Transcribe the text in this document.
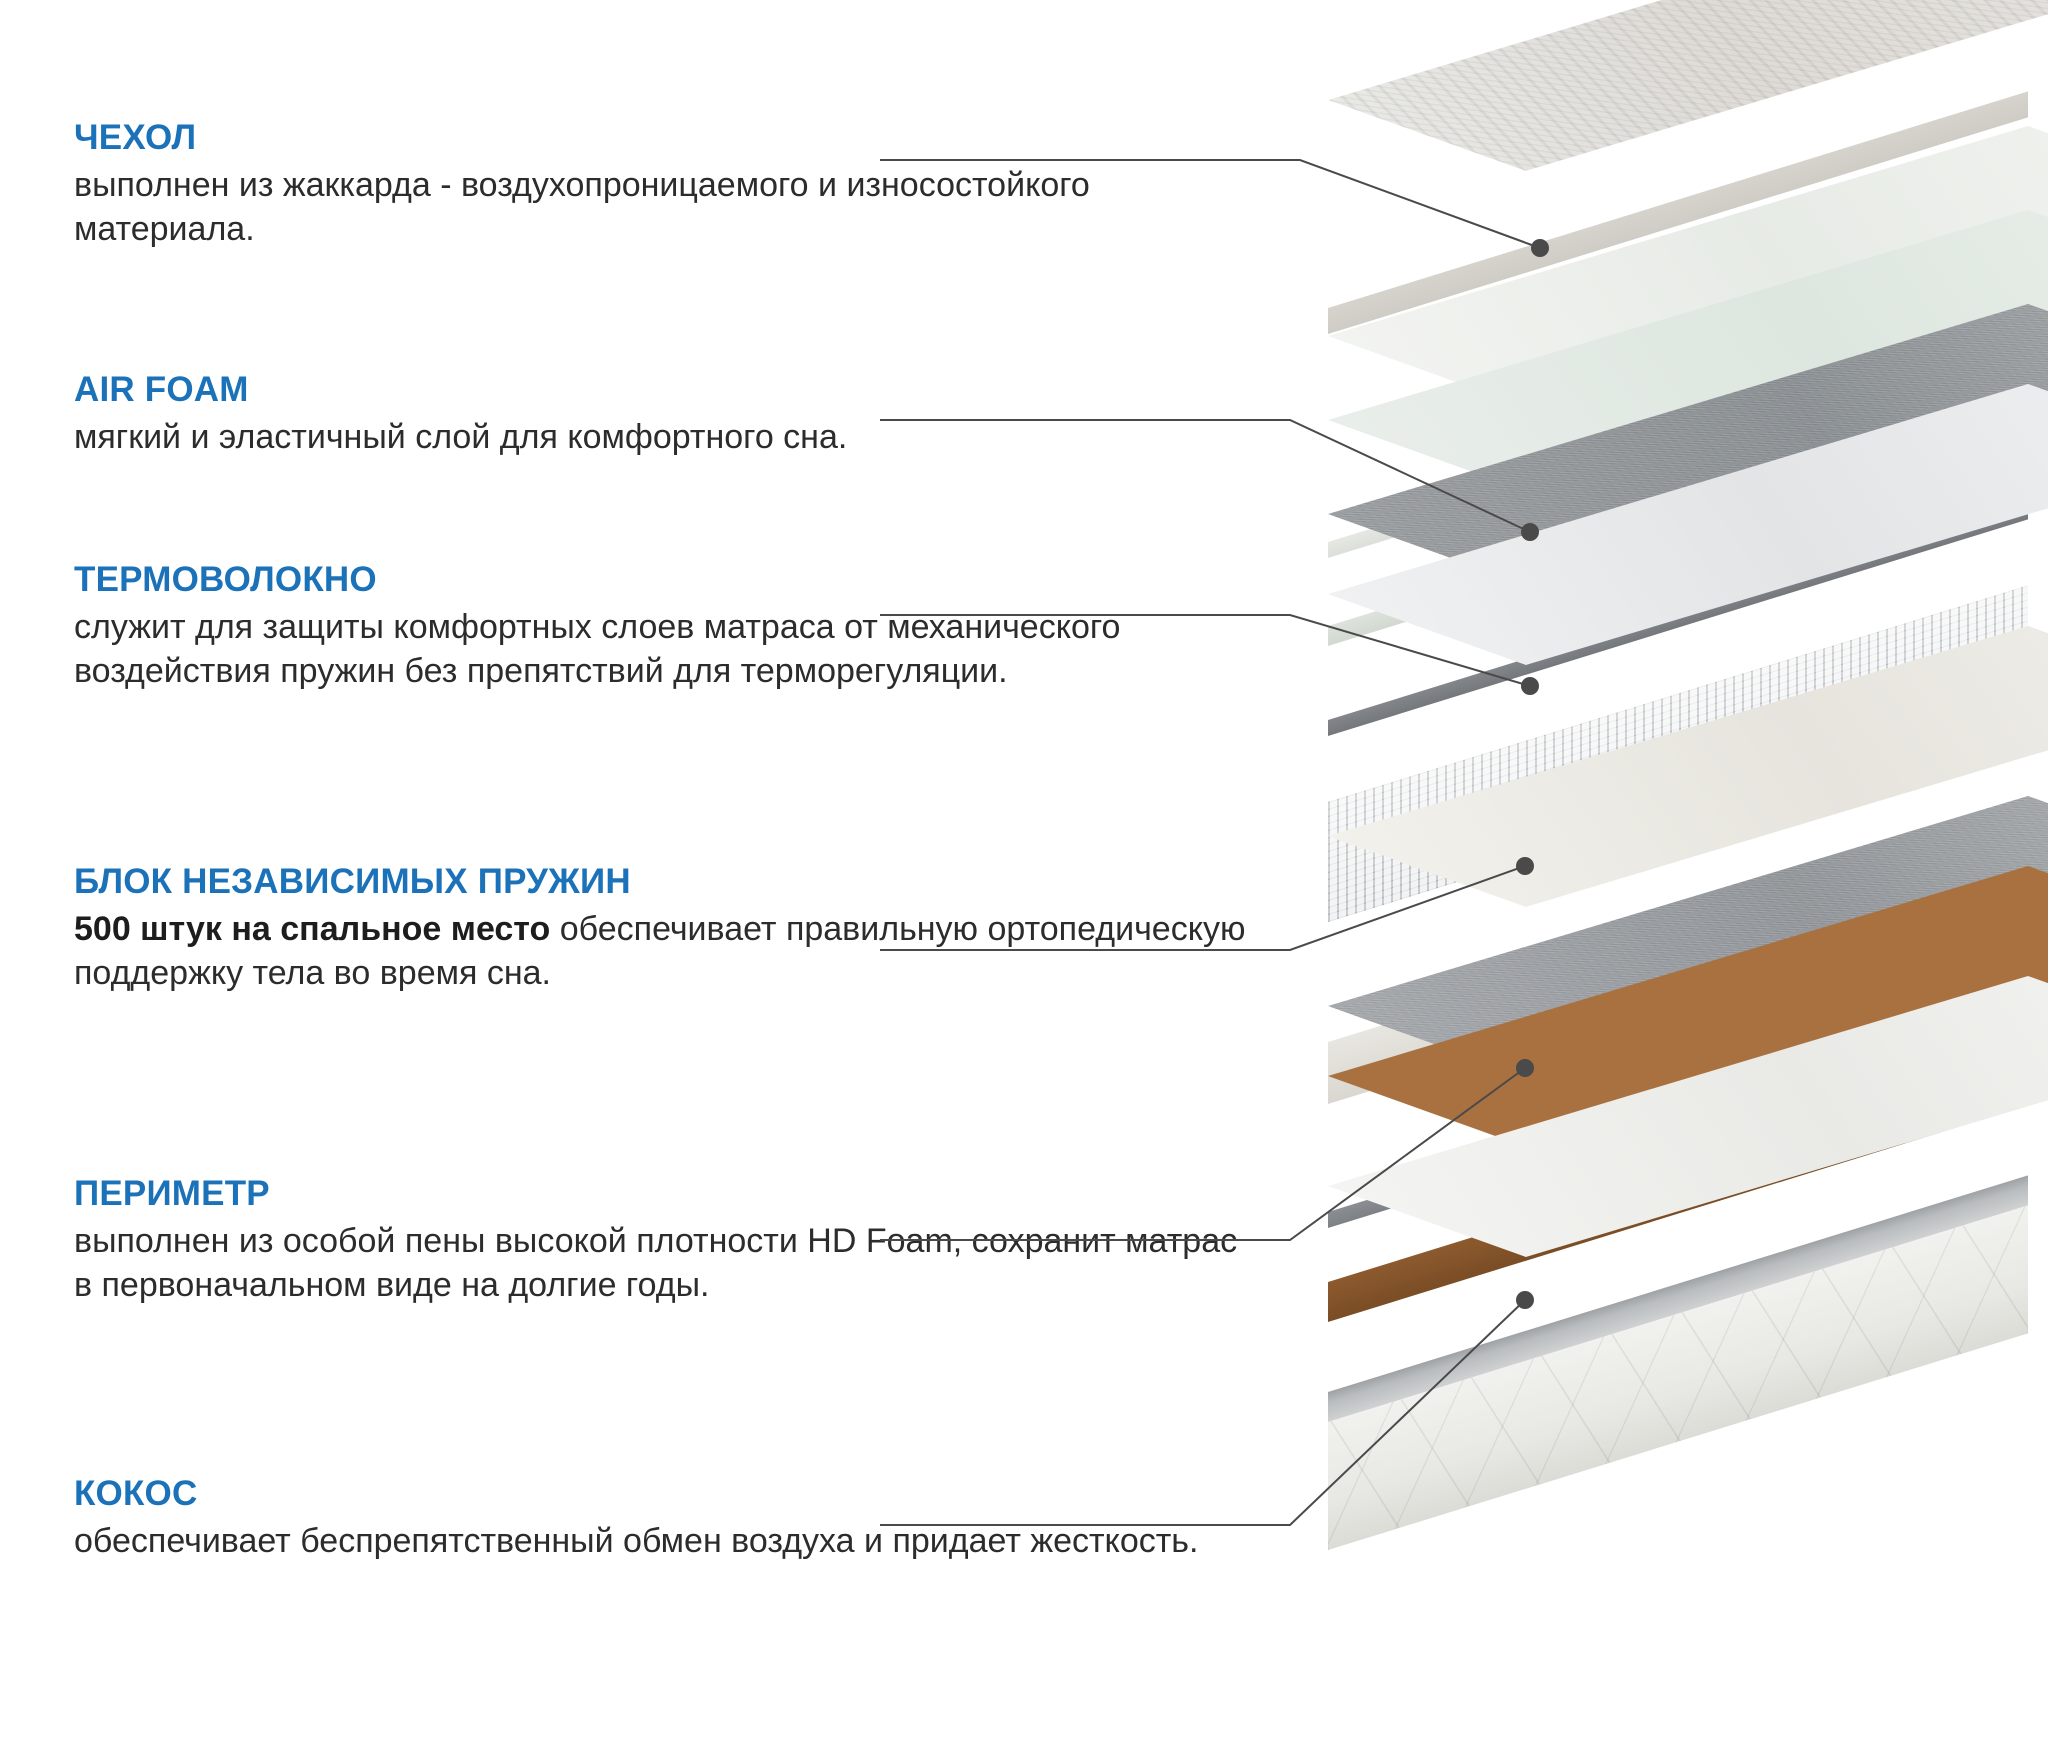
ЧЕХОЛ

выполнен из жаккарда - воздухопроницаемого и износостойкого материала.

AIR FOAM

мягкий и эластичный слой для комфортного сна.

ТЕРМОВОЛОКНО

служит для защиты комфортных слоев матраса от механического воздействия пружин без препятствий для терморегуляции.

БЛОК НЕЗАВИСИМЫХ ПРУЖИН

500 штук на спальное место обеспечивает правильную ортопедическую поддержку тела во время сна.

ПЕРИМЕТР

выполнен из особой пены высокой плотности HD Foam, сохранит матрас в первоначальном виде на долгие годы.

КОКОС

обеспечивает беспрепятственный обмен воздуха и придает жесткость.
